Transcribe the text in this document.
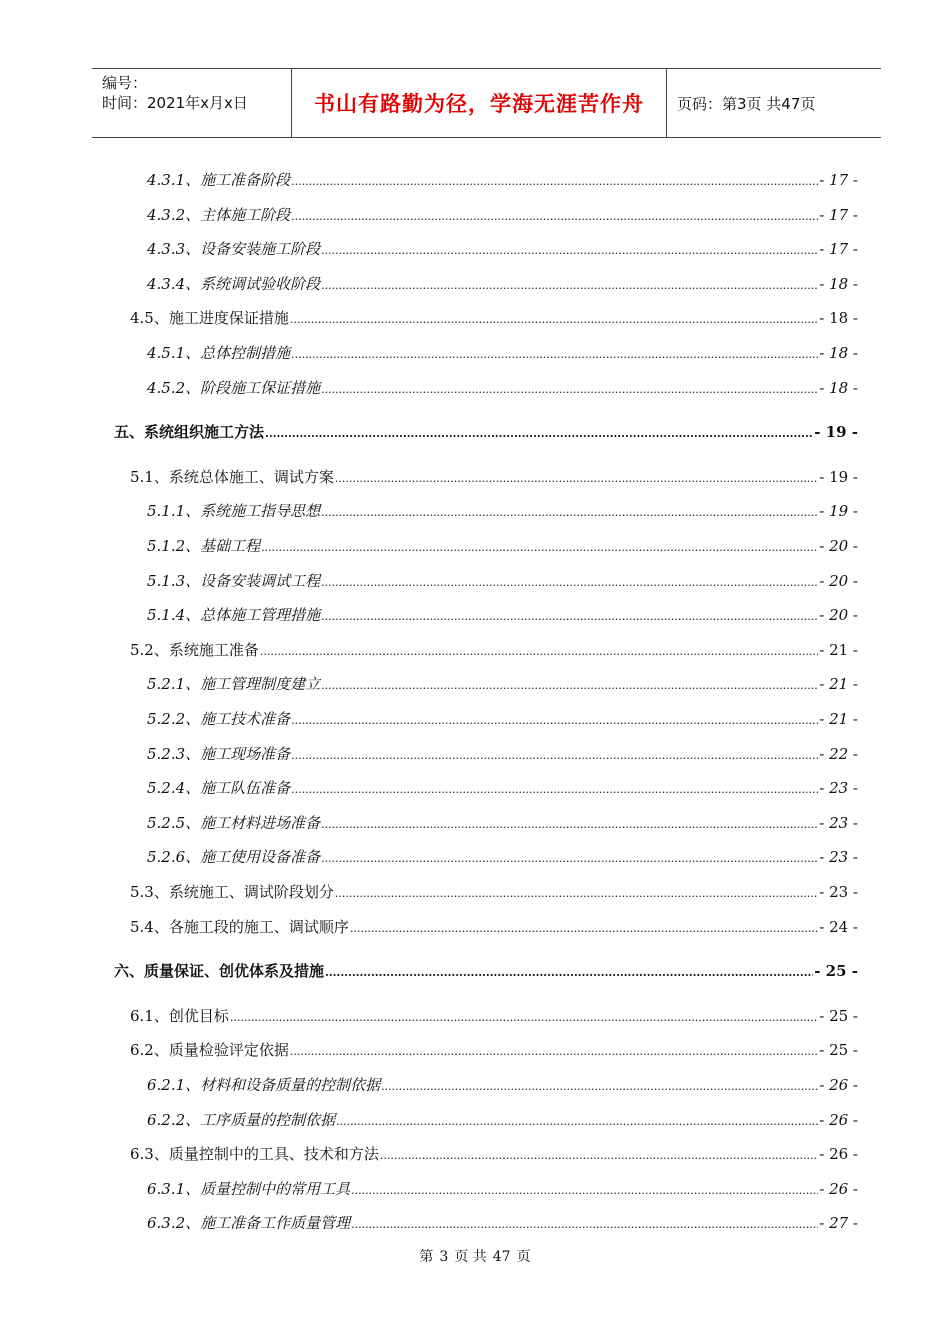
编号：
时间：2021年x月x日	书山有路勤为径，学海无涯苦作舟	页码：第3页 共47页
4.3.1、施工准备阶段 .....	- 17 -
4.3.2、主体施工阶段 .....	- 17 -
4.3.3、设备安装施工阶段 .....	- 17 -
4.3.4、系统调试验收阶段 .....	- 18 -
4.5、施工进度保证措施 .....	- 18 -
4.5.1、总体控制措施 .....	- 18 -
4.5.2、阶段施工保证措施 .....	- 18 -
五、系统组织施工方法 .....	- 19 -
5.1、系统总体施工、调试方案 .....	- 19 -
5.1.1、系统施工指导思想 .....	- 19 -
5.1.2、基础工程 .....	- 20 -
5.1.3、设备安装调试工程 .....	- 20 -
5.1.4、总体施工管理措施 .....	- 20 -
5.2、系统施工准备 .....	- 21 -
5.2.1、施工管理制度建立 .....	- 21 -
5.2.2、施工技术准备 .....	- 21 -
5.2.3、施工现场准备 .....	- 22 -
5.2.4、施工队伍准备 .....	- 23 -
5.2.5、施工材料进场准备 .....	- 23 -
5.2.6、施工使用设备准备 .....	- 23 -
5.3、系统施工、调试阶段划分 .....	- 23 -
5.4、各施工段的施工、调试顺序 .....	- 24 -
六、质量保证、创优体系及措施 .....	- 25 -
6.1、创优目标 .....	- 25 -
6.2、质量检验评定依据 .....	- 25 -
6.2.1、材料和设备质量的控制依据 .....	- 26 -
6.2.2、工序质量的控制依据 .....	- 26 -
6.3、质量控制中的工具、技术和方法 .....	- 26 -
6.3.1、质量控制中的常用工具 .....	- 26 -
6.3.2、施工准备工作质量管理 .....	- 27 -
第 3 页 共 47 页
